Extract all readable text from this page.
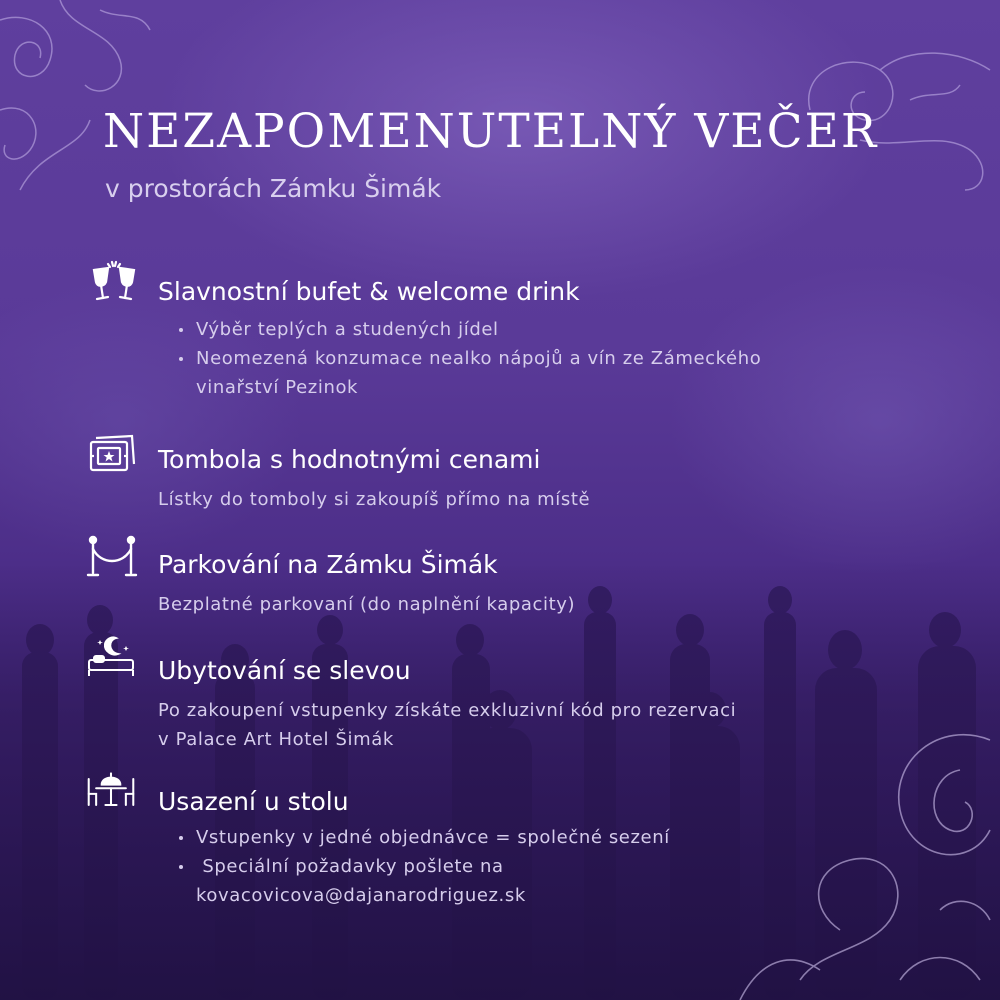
NEZAPOMENUTELNÝ VEČER

v prostorách Zámku Šimák

Slavnostní bufet & welcome drink
Výběr teplých a studených jídel
Neomezená konzumace nealko nápojů a vín ze Zámeckého
vinařství Pezinok
Tombola s hodnotnými cenami

Lístky do tomboly si zakoupíš přímo na místě

Parkování na Zámku Šimák

Bezplatné parkovaní (do naplnění kapacity)

Ubytování se slevou

Po zakoupení vstupenky získáte exkluzivní kód pro rezervaci

v Palace Art Hotel Šimák

Usazení u stolu
Vstupenky v jedné objednávce = společné sezení
Speciální požadavky pošlete na
kovacovicova@dajanarodriguez.sk
